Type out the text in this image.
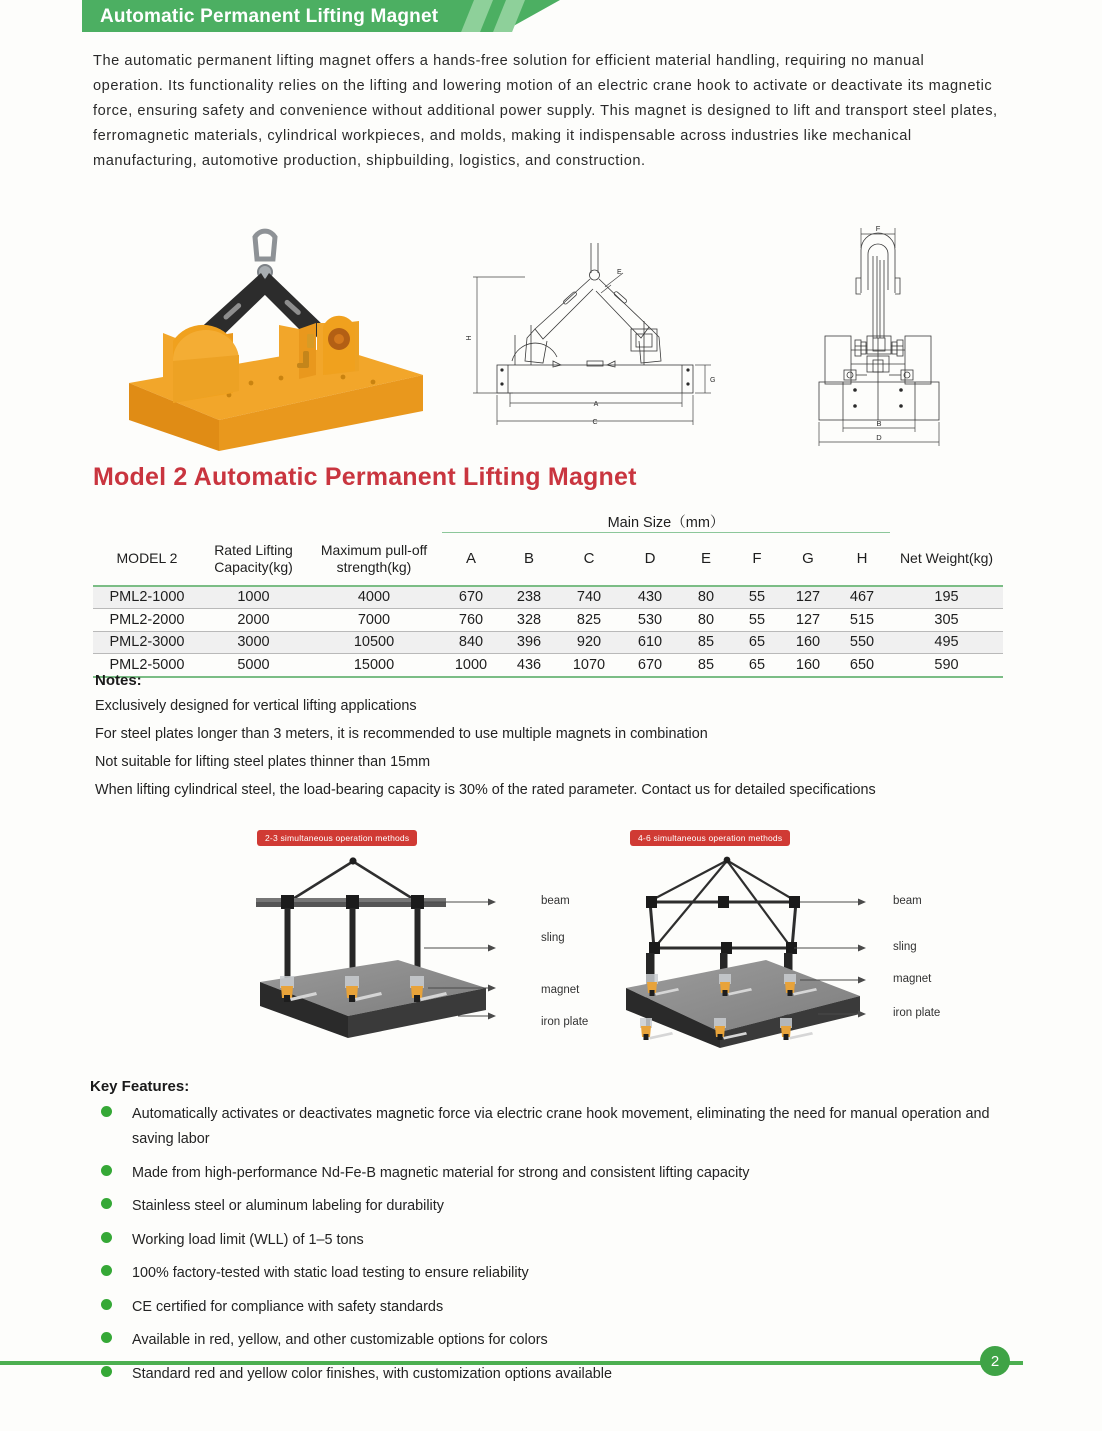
Automatic Permanent Lifting Magnet
The automatic permanent lifting magnet offers a hands-free solution for efficient material handling, requiring no manual operation. Its functionality relies on the lifting and lowering motion of an electric crane hook to activate or deactivate its magnetic force, ensuring safety and convenience without additional power supply. This magnet is designed to lift and transport steel plates, ferromagnetic materials, cylindrical workpieces, and molds, making it indispensable across industries like mechanical manufacturing, automotive production, shipbuilding, logistics, and construction.
H
A
C
G
E
F
B
D
Model 2 Automatic Permanent Lifting Magnet
			Main Size（mm）								
MODEL 2	Rated Lifting Capacity(kg)	Maximum pull-off strength(kg)	A	B	C	D	E	F	G	H	Net Weight(kg)
PML2-1000	1000	4000	670	238	740	430	80	55	127	467	195
PML2-2000	2000	7000	760	328	825	530	80	55	127	515	305
PML2-3000	3000	10500	840	396	920	610	85	65	160	550	495
PML2-5000	5000	15000	1000	436	1070	670	85	65	160	650	590
Notes:

Exclusively designed for vertical lifting applications

For steel plates longer than 3 meters, it is recommended to use multiple magnets in combination

Not suitable for lifting steel plates thinner than 15mm

When lifting cylindrical steel, the load-bearing capacity is 30% of the rated parameter. Contact us for detailed specifications

2-3 simultaneous operation methods	4-6 simultaneous operation methods
beam
sling
magnet
iron plate
beam
sling
magnet
iron plate
Key Features:
Automatically activates or deactivates magnetic force via electric crane hook movement, eliminating the need for manual operation and saving labor
Made from high-performance Nd-Fe-B magnetic material for strong and consistent lifting capacity
Stainless steel or aluminum labeling for durability
Working load limit (WLL) of 1–5 tons
100% factory-tested with static load testing to ensure reliability
CE certified for compliance with safety standards
Available in red, yellow, and other customizable options for colors
Standard red and yellow color finishes, with customization options available
2
